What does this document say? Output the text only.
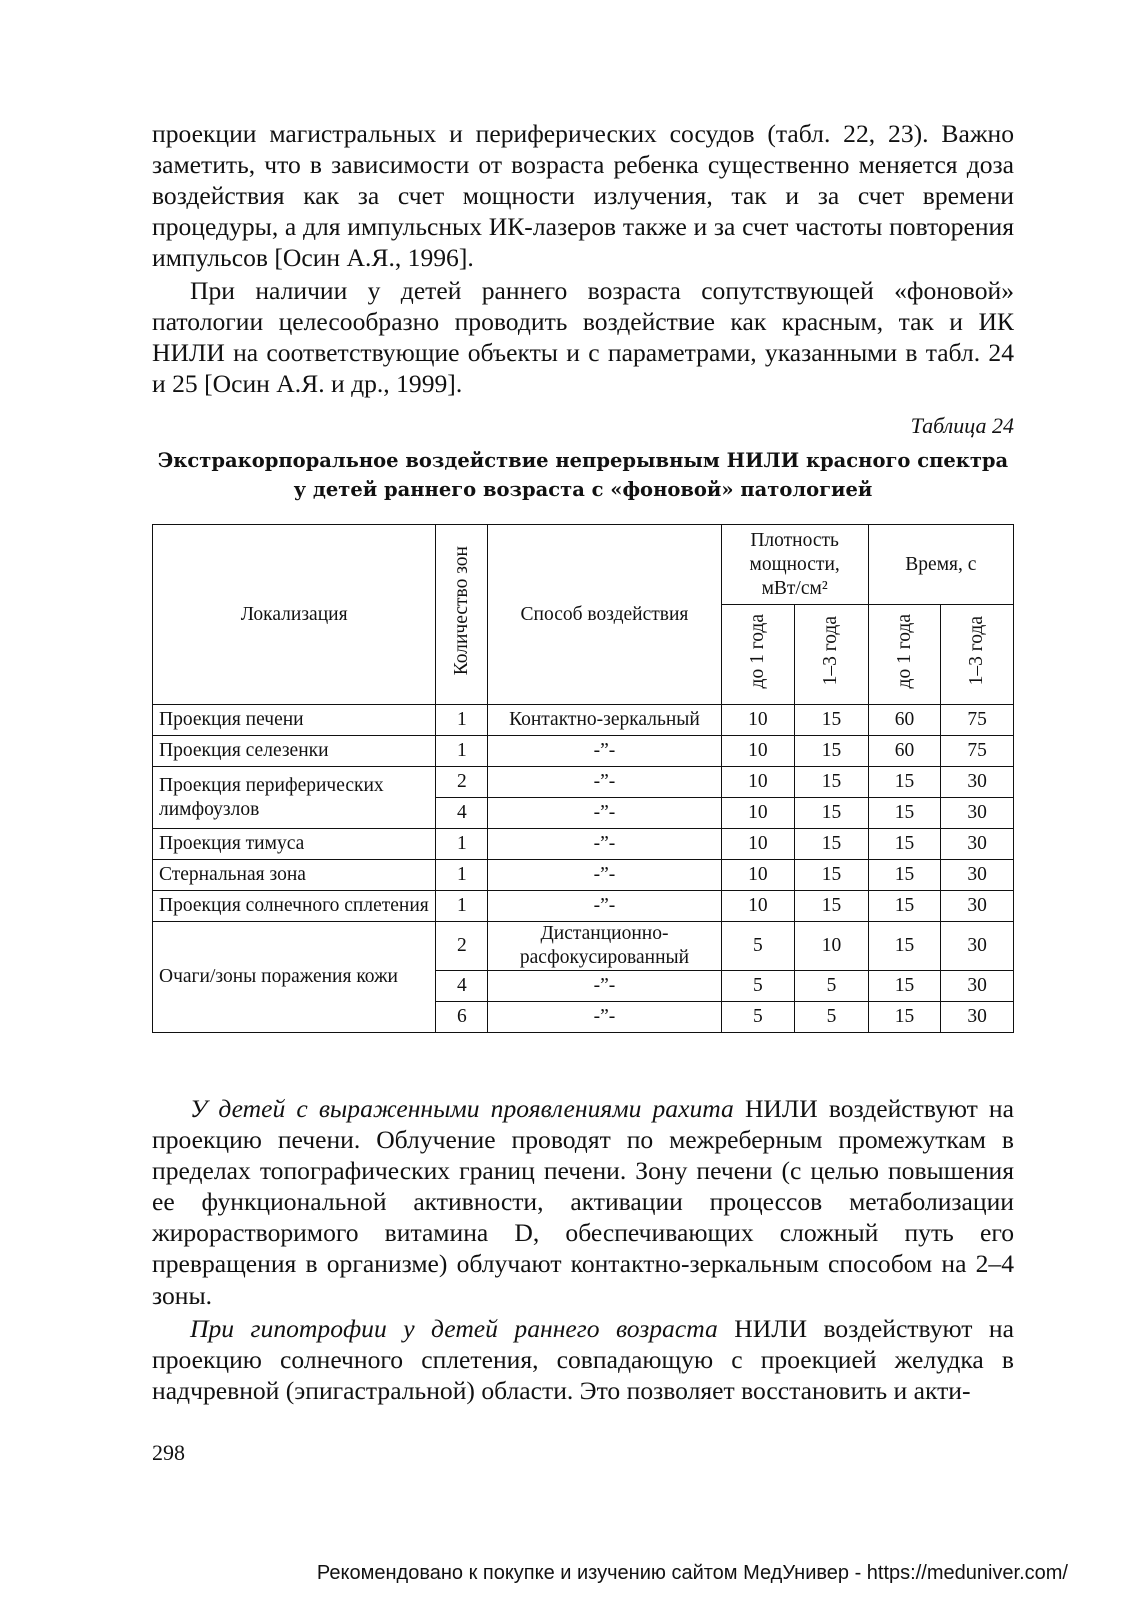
проекции магистральных и периферических сосудов (табл. 22, 23). Важно заметить, что в зависимости от возраста ребенка существенно меняется доза воздействия как за счет мощности излучения, так и за счет времени процедуры, а для импульсных ИК-лазеров также и за счет частоты повторения импульсов [Осин А.Я., 1996].
При наличии у детей раннего возраста сопутствующей «фоновой» патологии целесообразно проводить воздействие как красным, так и ИК НИЛИ на соответствующие объекты и с параметрами, указанными в табл. 24 и 25 [Осин А.Я. и др., 1999].
Таблица 24
Экстракорпоральное воздействие непрерывным НИЛИ красного спектра
у детей раннего возраста с «фоновой» патологией
Локализация	Количество зон	Способ воздействия	Плотность мощности, мВт/см²		Время, с	
			до 1 года	1–3 года	до 1 года	1–3 года
Проекция печени	1	Контактно-зеркальный	10	15	60	75
Проекция селезенки	1	-”-	10	15	60	75
Проекция периферических лимфоузлов	2	-”-	10	15	15	30
	4	-”-	10	15	15	30
Проекция тимуса	1	-”-	10	15	15	30
Стернальная зона	1	-”-	10	15	15	30
Проекция солнечного сплетения	1	-”-	10	15	15	30
Очаги/зоны поражения кожи	2	Дистанционно-расфокусированный	5	10	15	30
	4	-”-	5	5	15	30
	6	-”-	5	5	15	30
У детей с выраженными проявлениями рахита НИЛИ воздействуют на проекцию печени. Облучение проводят по межреберным промежуткам в пределах топографических границ печени. Зону печени (с целью повышения ее функциональной активности, активации процессов метаболизации жирорастворимого витамина D, обеспечивающих сложный путь его превращения в организме) облучают контактно-зеркальным способом на 2–4 зоны.
При гипотрофии у детей раннего возраста НИЛИ воздействуют на проекцию солнечного сплетения, совпадающую с проекцией желудка в надчревной (эпигастральной) области. Это позволяет восстановить и акти-
298
Рекомендовано к покупке и изучению сайтом МедУнивер - https://meduniver.com/
